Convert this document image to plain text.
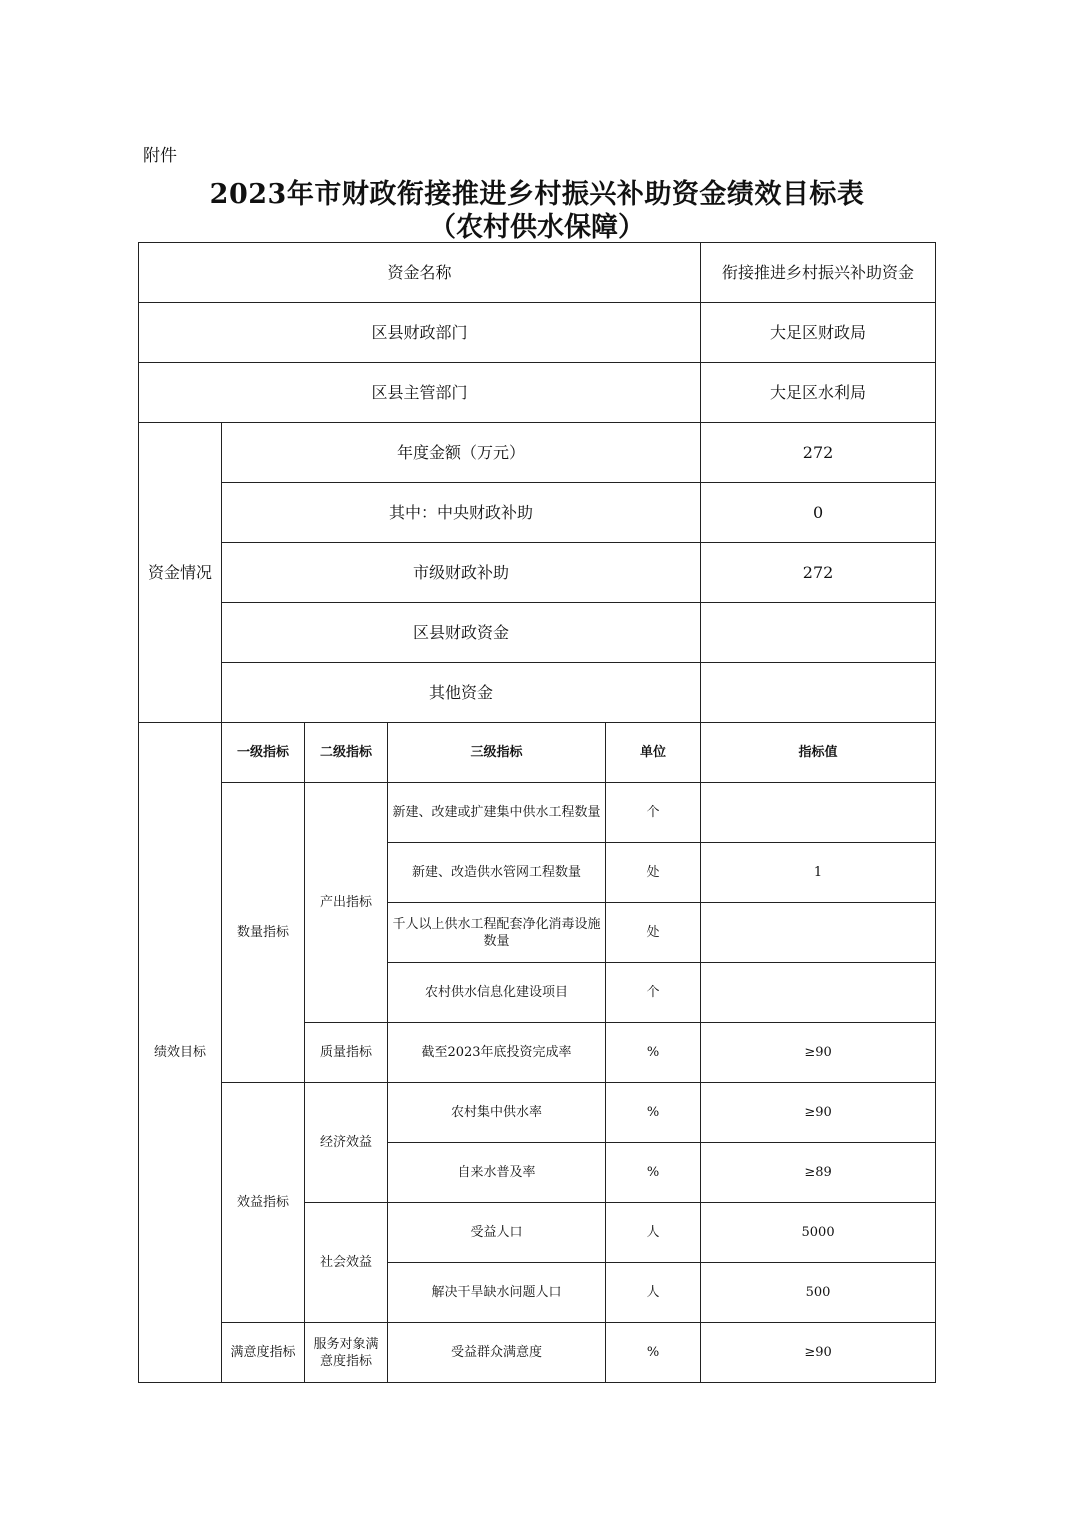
附件
2023年市财政衔接推进乡村振兴补助资金绩效目标表
（农村供水保障）
资金名称					衔接推进乡村振兴补助资金
区县财政部门					大足区财政局
区县主管部门					大足区水利局
资金情况	年度金额（万元）				272
	其中：中央财政补助				0
	市级财政补助				272
	区县财政资金				
	其他资金				
绩效目标	一级指标	二级指标	三级指标	单位	指标值
	数量指标	产出指标	新建、改建或扩建集中供水工程数量	个	
			新建、改造供水管网工程数量	处	1
			千人以上供水工程配套净化消毒设施数量	处	
			农村供水信息化建设项目	个	
		质量指标	截至2023年底投资完成率	%	≥90
	效益指标	经济效益	农村集中供水率	%	≥90
			自来水普及率	%	≥89
		社会效益	受益人口	人	5000
			解决干旱缺水问题人口	人	500
	满意度指标	服务对象满意度指标	受益群众满意度	%	≥90
